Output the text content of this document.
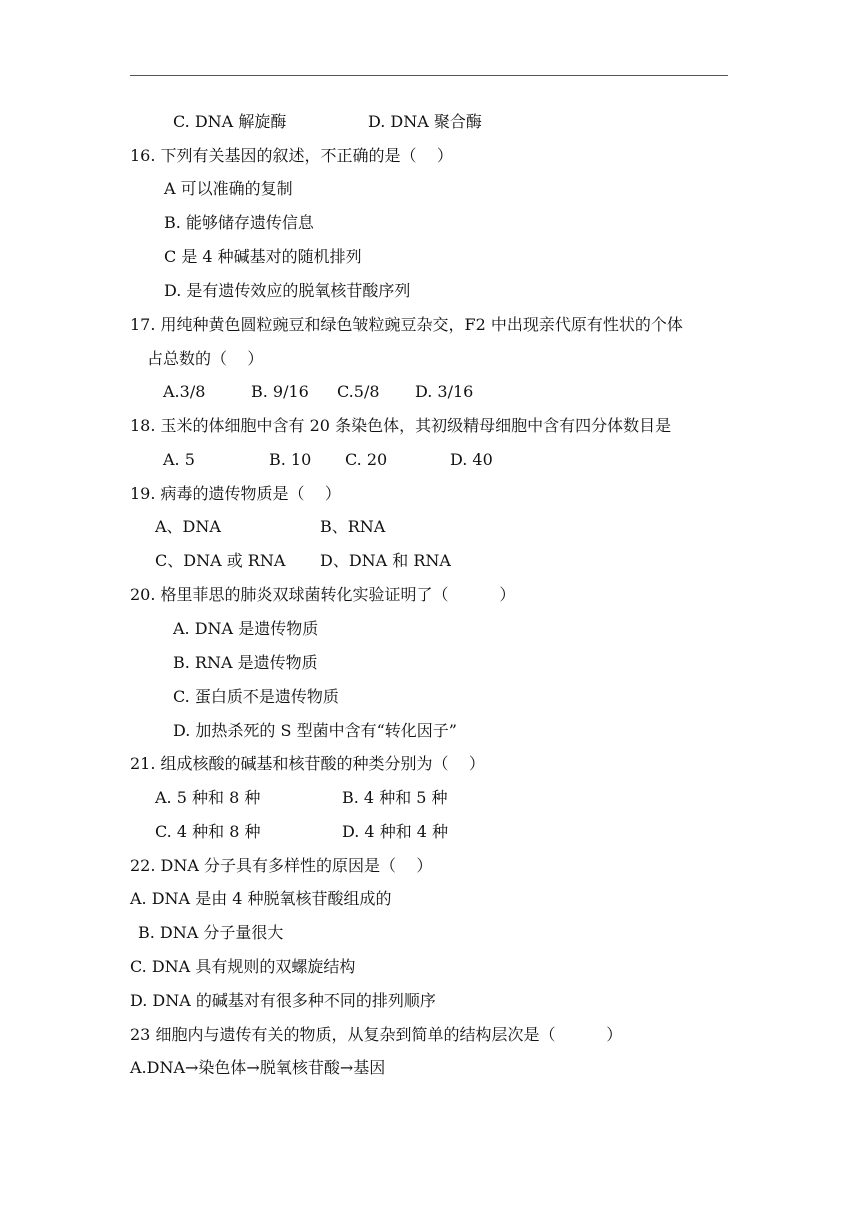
C. DNA 解旋酶	D. DNA 聚合酶
16. 下列有关基因的叙述，不正确的是（    ）
A 可以准确的复制
B. 能够储存遗传信息
C 是 4 种碱基对的随机排列
D. 是有遗传效应的脱氧核苷酸序列
17. 用纯种黄色圆粒豌豆和绿色皱粒豌豆杂交，F2 中出现亲代原有性状的个体
占总数的（    ）
A.3/8	B. 9/16 C.5/8 D. 3/16
18. 玉米的体细胞中含有 20 条染色体，其初级精母细胞中含有四分体数目是
A. 5	B. 10 C. 20	D. 40
19. 病毒的遗传物质是（    ）
A、DNA	B、RNA
C、DNA 或 RNA D、DNA 和 RNA
20. 格里菲思的肺炎双球菌转化实验证明了（          ）
A. DNA 是遗传物质
B. RNA 是遗传物质
C. 蛋白质不是遗传物质
D. 加热杀死的 S 型菌中含有“转化因子”
21. 组成核酸的碱基和核苷酸的种类分别为（    ）
A. 5 种和 8 种	B. 4 种和 5 种
C. 4 种和 8 种	D. 4 种和 4 种
22. DNA 分子具有多样性的原因是（    ）
A. DNA 是由 4 种脱氧核苷酸组成的
B. DNA 分子量很大
C. DNA 具有规则的双螺旋结构
D. DNA 的碱基对有很多种不同的排列顺序
23 细胞内与遗传有关的物质，从复杂到简单的结构层次是（          ）
A.DNA→染色体→脱氧核苷酸→基因
